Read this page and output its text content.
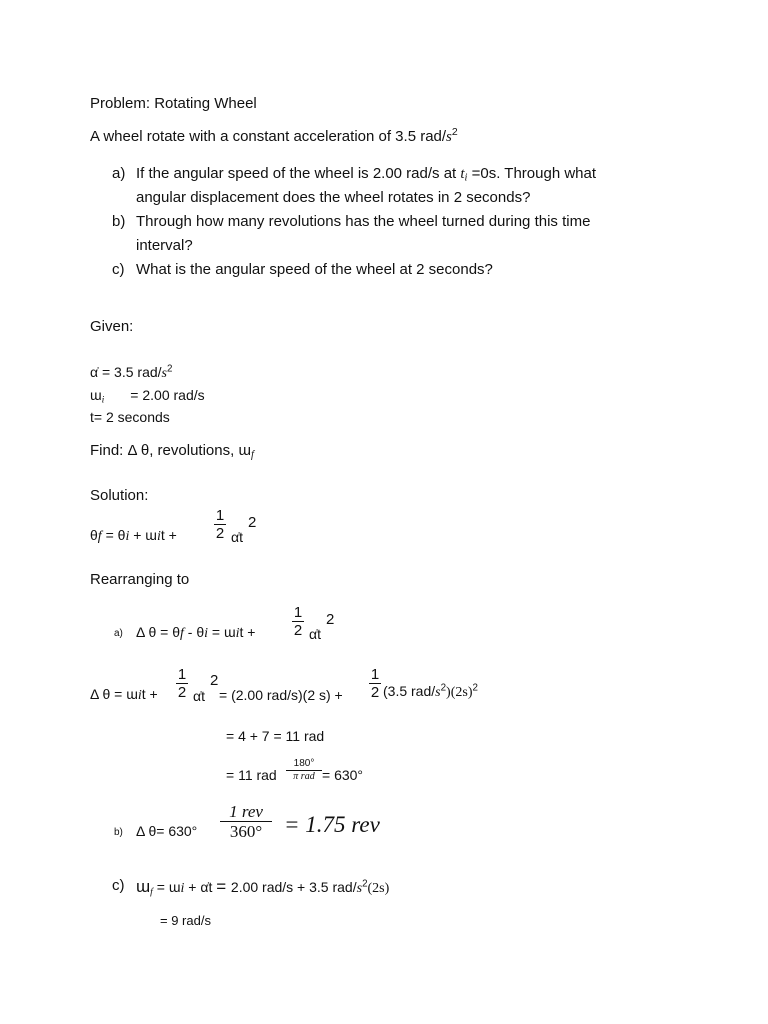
Problem: Rotating Wheel
A wheel rotate with a constant acceleration of 3.5 rad/$s^2$
a) If the angular speed of the wheel is 2.00 rad/s at $t_i =0s$. Through what
angular displacement does the wheel rotates in 2 seconds?
b) Through how many revolutions has the wheel turned during this time
interval?
c) What is the angular speed of the wheel at 2 seconds?
Given:
α̇ = 3.5 rad/$s^2$
ɯ$_i$ = 2.00 rad/s
t= 2 seconds
Find: Δ θ, revolutions, ɯ$_f$
Solution:
θf = θi + ɯit +
1
2 α̇t
2
Rearranging to
a) Δ θ = θf - θi = ɯit +
1
2 α̇t
2
Δ θ = ɯit +
1
2 α̇t
2
= (2.00 rad/s)(2 s) +
1
2 (3.5 rad/$s^2)(2s)^2$
= 4 + 7 = 11 rad
= 11 rad
180°
π rad = 630°
b) Δ θ= 630°
1 rev
360° = 1.75 rev
c) ɯ$_f$ = ɯi + α̇t = 2.00 rad/s + 3.5 rad/$s^2(2s)$
= 9 rad/s
